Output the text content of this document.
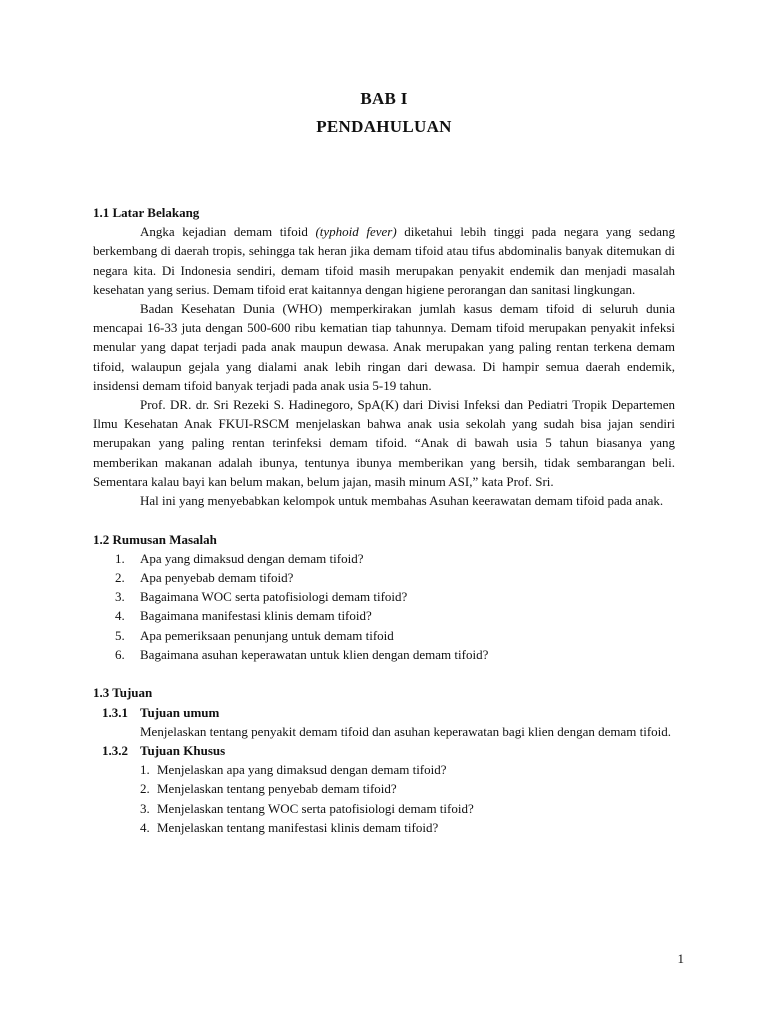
BAB I
PENDAHULUAN
1.1 Latar Belakang

Angka kejadian demam tifoid (typhoid fever) diketahui lebih tinggi pada negara yang sedang berkembang di daerah tropis, sehingga tak heran jika demam tifoid atau tifus abdominalis banyak ditemukan di negara kita. Di Indonesia sendiri, demam tifoid masih merupakan penyakit endemik dan menjadi masalah kesehatan yang serius. Demam tifoid erat kaitannya dengan higiene perorangan dan sanitasi lingkungan.

Badan Kesehatan Dunia (WHO) memperkirakan jumlah kasus demam tifoid di seluruh dunia mencapai 16-33 juta dengan 500-600 ribu kematian tiap tahunnya. Demam tifoid merupakan penyakit infeksi menular yang dapat terjadi pada anak maupun dewasa. Anak merupakan yang paling rentan terkena demam tifoid, walaupun gejala yang dialami anak lebih ringan dari dewasa. Di hampir semua daerah endemik, insidensi demam tifoid banyak terjadi pada anak usia 5-19 tahun.

Prof. DR. dr. Sri Rezeki S. Hadinegoro, SpA(K) dari Divisi Infeksi dan Pediatri Tropik Departemen Ilmu Kesehatan Anak FKUI-RSCM menjelaskan bahwa anak usia sekolah yang sudah bisa jajan sendiri merupakan yang paling rentan terinfeksi demam tifoid. “Anak di bawah usia 5 tahun biasanya yang memberikan makanan adalah ibunya, tentunya ibunya memberikan yang bersih, tidak sembarangan beli. Sementara kalau bayi kan belum makan, belum jajan, masih minum ASI,” kata Prof. Sri.

Hal ini yang menyebabkan kelompok untuk membahas Asuhan keerawatan demam tifoid pada anak.

1.2 Rumusan Masalah
1. Apa yang dimaksud dengan demam tifoid?
2. Apa penyebab demam tifoid?
3. Bagaimana WOC serta patofisiologi demam tifoid?
4. Bagaimana manifestasi klinis demam tifoid?
5. Apa pemeriksaan penunjang untuk demam tifoid
6. Bagaimana asuhan keperawatan untuk klien dengan demam tifoid?
1.3 Tujuan
1.3.1 Tujuan umum

Menjelaskan tentang penyakit demam tifoid dan asuhan keperawatan bagi klien dengan demam tifoid.

1.3.2 Tujuan Khusus
1. Menjelaskan apa yang dimaksud dengan demam tifoid?
2. Menjelaskan tentang penyebab demam tifoid?
3. Menjelaskan tentang WOC serta patofisiologi demam tifoid?
4. Menjelaskan tentang manifestasi klinis demam tifoid?
1
